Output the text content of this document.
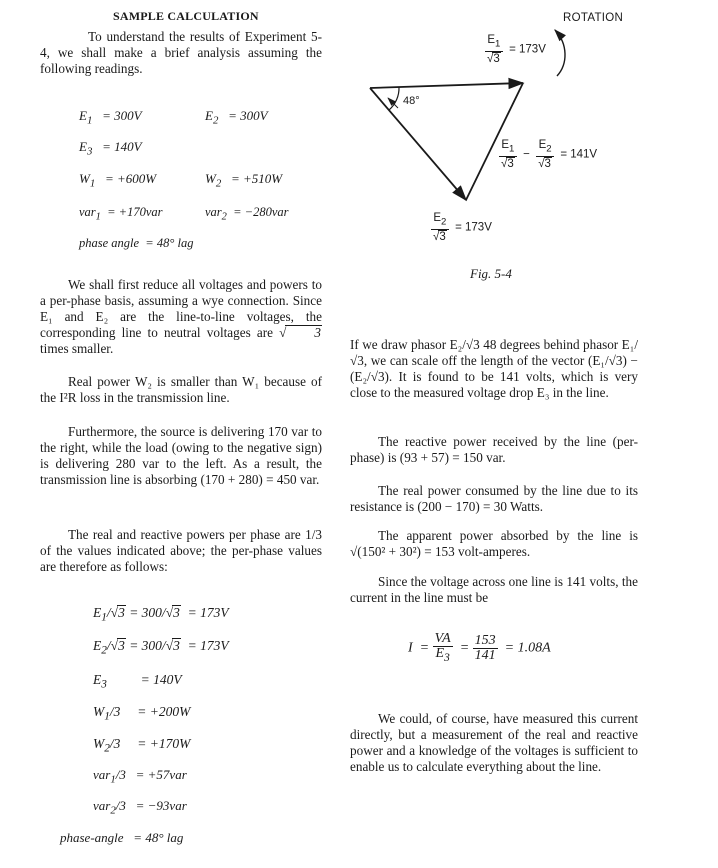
SAMPLE CALCULATION	ROTATION
To understand the results of Experiment 5-4, we shall make a brief analysis assuming the following readings.
$E_1 = 300V$	$E_2 = 300V$
$E_3 = 140V$
$W_1 = +600W$	$W_2 = +510W$
var$_1$  = +170var	var$_2$  = −280var
phase angle  = 48° lag

We shall first reduce all voltages and powers to a per-phase basis, assuming a wye connection. Since E₁ and E₂ are the line-to-line voltages, the corresponding line to neutral voltages are √ 3 times smaller.

Real power W₂ is smaller than W₁ because of the I²R loss in the transmission line.
Furthermore, the source is delivering 170 var to the right, while the load (owing to the negative sign) is delivering 280 var to the left. As a result, the transmission line is absorbing (170 + 280) = 450 var.
The real and reactive powers per phase are 1/3 of the values indicated above; the per-phase values are therefore as follows:
$E_1/√3 = 300/√3 = 173V$
$E_2/√3 = 300/√3 = 173V$
$E_3$          = 140V
$W_1/3$     = +200W
$W_2/3$     = +170W
var$_1$/3   = +57var
var$_2$/3   = −93var
phase-angle   = 48° lag
48°
$\frac{E_1}{√3} = 173V$
$\frac{E_1}{√3} - \frac{E_2}{√3} = 141V$
$\frac{E_2}{√3} = 173V$
Fig. 5-4
If we draw phasor E₂/√3 48 degrees behind phasor E₁/√3, we can scale off the length of the vector (E₁/√3) − (E₂/√3). It is found to be 141 volts, which is very close to the measured voltage drop E₃ in the line.
The reactive power received by the line (per-phase) is (93 + 57) = 150 var.
The real power consumed by the line due to its resistance is (200 − 170) = 30 Watts.
The apparent power absorbed by the line is √(150² + 30²) = 153 volt-amperes.
Since the voltage across one line is 141 volts, the current in the line must be
$I = \frac{VA}{E_3} = \frac{153}{141} = 1.08A$
We could, of course, have measured this current directly, but a measurement of the real and reactive power and a knowledge of the voltages is sufficient to enable us to calculate everything about the line.
